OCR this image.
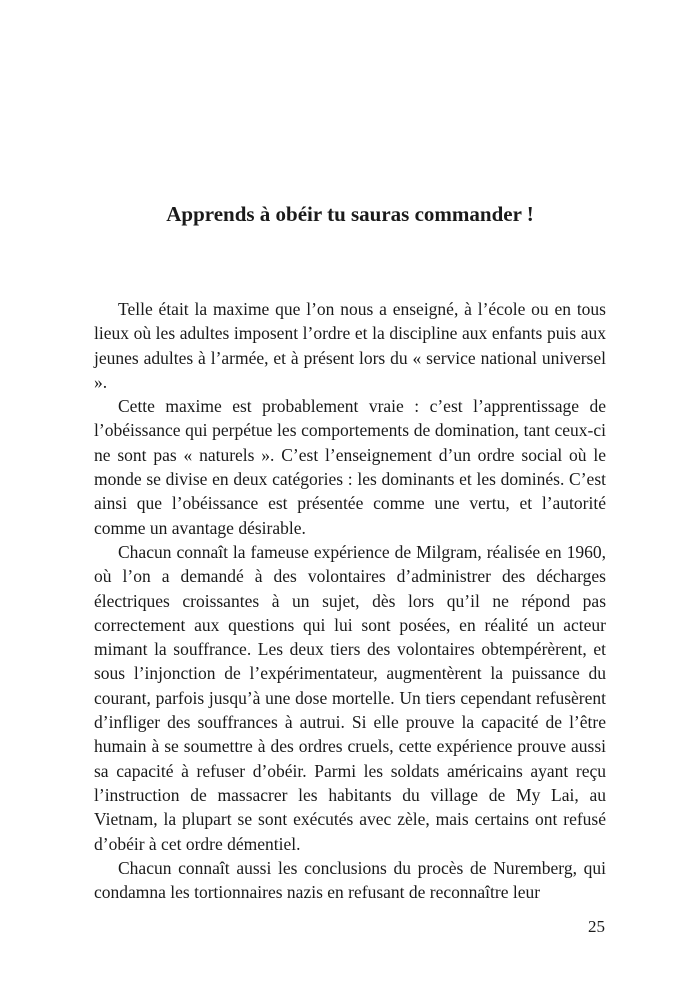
Apprends à obéir tu sauras commander !

Telle était la maxime que l’on nous a enseigné, à l’école ou en tous lieux où les adultes imposent l’ordre et la discipline aux enfants puis aux jeunes adultes à l’armée, et à présent lors du « service national universel ».

Cette maxime est probablement vraie : c’est l’apprentissage de l’obéissance qui perpétue les comportements de domination, tant ceux-ci ne sont pas « naturels ». C’est l’enseignement d’un ordre social où le monde se divise en deux catégories : les dominants et les dominés. C’est ainsi que l’obéissance est présentée comme une vertu, et l’autorité comme un avantage désirable.

Chacun connaît la fameuse expérience de Milgram, réalisée en 1960, où l’on a demandé à des volontaires d’administrer des décharges électriques croissantes à un sujet, dès lors qu’il ne répond pas correctement aux questions qui lui sont posées, en réalité un acteur mimant la souffrance. Les deux tiers des volontaires obtempérèrent, et sous l’injonction de l’expérimentateur, augmentèrent la puissance du courant, parfois jusqu’à une dose mortelle. Un tiers cependant refusèrent d’infliger des souffrances à autrui. Si elle prouve la capacité de l’être humain à se soumettre à des ordres cruels, cette expérience prouve aussi sa capacité à refuser d’obéir. Parmi les soldats américains ayant reçu l’instruction de massacrer les habitants du village de My Lai, au Vietnam, la plupart se sont exécutés avec zèle, mais certains ont refusé d’obéir à cet ordre démentiel.

Chacun connaît aussi les conclusions du procès de Nuremberg, qui condamna les tortionnaires nazis en refusant de reconnaître leur

25
